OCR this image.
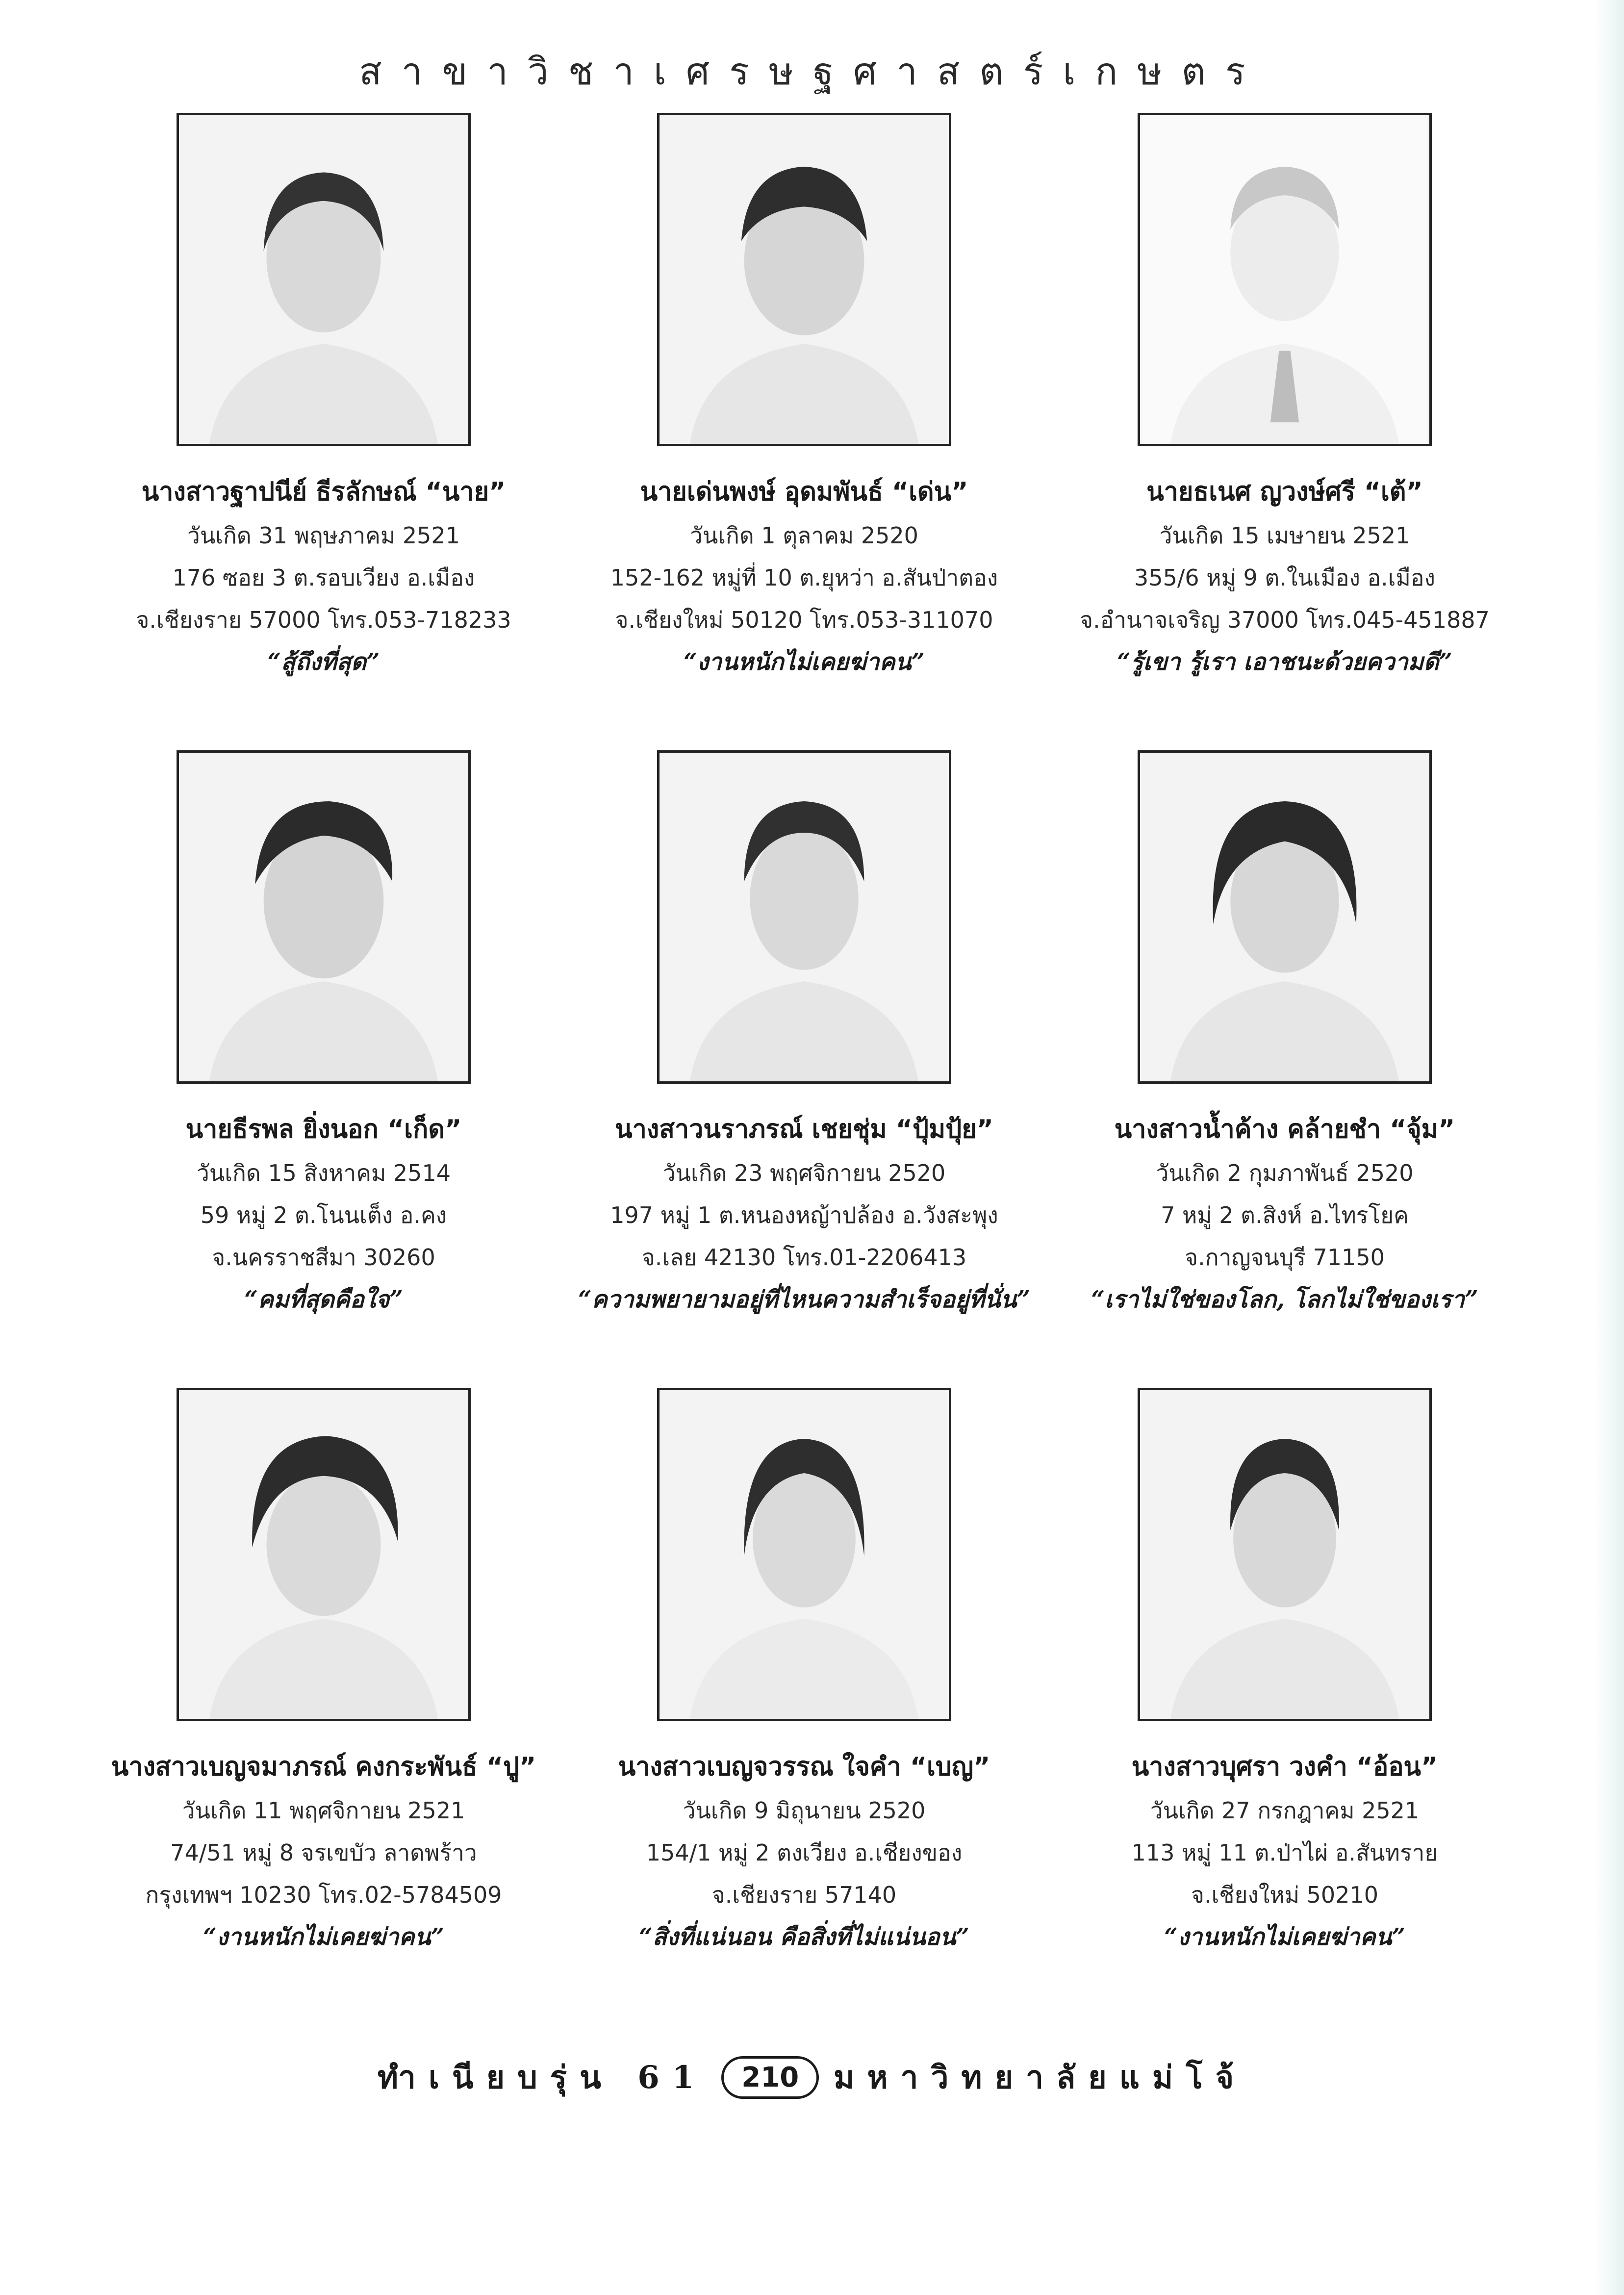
สาขาวิชาเศรษฐศาสตร์เกษตร
นางสาวฐาปนีย์ ธีรลักษณ์ “นาย”
วันเกิด 31 พฤษภาคม 2521
176 ซอย 3 ต.รอบเวียง อ.เมือง
จ.เชียงราย 57000 โทร.053-718233
“สู้ถึงที่สุด”
นายเด่นพงษ์ อุดมพันธ์ “เด่น”
วันเกิด 1 ตุลาคม 2520
152-162 หมู่ที่ 10 ต.ยุหว่า อ.สันป่าตอง
จ.เชียงใหม่ 50120 โทร.053-311070
“งานหนักไม่เคยฆ่าคน”
นายธเนศ ญวงษ์ศรี “เต้”
วันเกิด 15 เมษายน 2521
355/6 หมู่ 9 ต.ในเมือง อ.เมือง
จ.อำนาจเจริญ 37000 โทร.045-451887
“รู้เขา รู้เรา เอาชนะด้วยความดี”
นายธีรพล ยิ่งนอก “เก็ด”
วันเกิด 15 สิงหาคม 2514
59 หมู่ 2 ต.โนนเต็ง อ.คง
จ.นครราชสีมา 30260
“คมที่สุดคือใจ”
นางสาวนราภรณ์ เชยชุ่ม “ปุ้มปุ้ย”
วันเกิด 23 พฤศจิกายน 2520
197 หมู่ 1 ต.หนองหญ้าปล้อง อ.วังสะพุง
จ.เลย 42130 โทร.01-2206413
“ความพยายามอยู่ที่ไหนความสำเร็จอยู่ที่นั่น”
นางสาวน้ำค้าง คล้ายชำ “จุ้ม”
วันเกิด 2 กุมภาพันธ์ 2520
7 หมู่ 2 ต.สิงห์ อ.ไทรโยค
จ.กาญจนบุรี 71150
“เราไม่ใช่ของโลก, โลกไม่ใช่ของเรา”
นางสาวเบญจมาภรณ์ คงกระพันธ์ “ปู”
วันเกิด 11 พฤศจิกายน 2521
74/51 หมู่ 8 จรเขบัว ลาดพร้าว
กรุงเทพฯ 10230 โทร.02-5784509
“งานหนักไม่เคยฆ่าคน”
นางสาวเบญจวรรณ ใจคำ “เบญ”
วันเกิด 9 มิถุนายน 2520
154/1 หมู่ 2 ตงเวียง อ.เชียงของ
จ.เชียงราย 57140
“สิ่งที่แน่นอน คือสิ่งที่ไม่แน่นอน”
นางสาวบุศรา วงคำ “อ้อน”
วันเกิด 27 กรกฎาคม 2521
113 หมู่ 11 ต.ป่าไผ่ อ.สันทราย
จ.เชียงใหม่ 50210
“งานหนักไม่เคยฆ่าคน”
ทำเนียบรุ่น 61	210	มหาวิทยาลัยแม่โจ้
